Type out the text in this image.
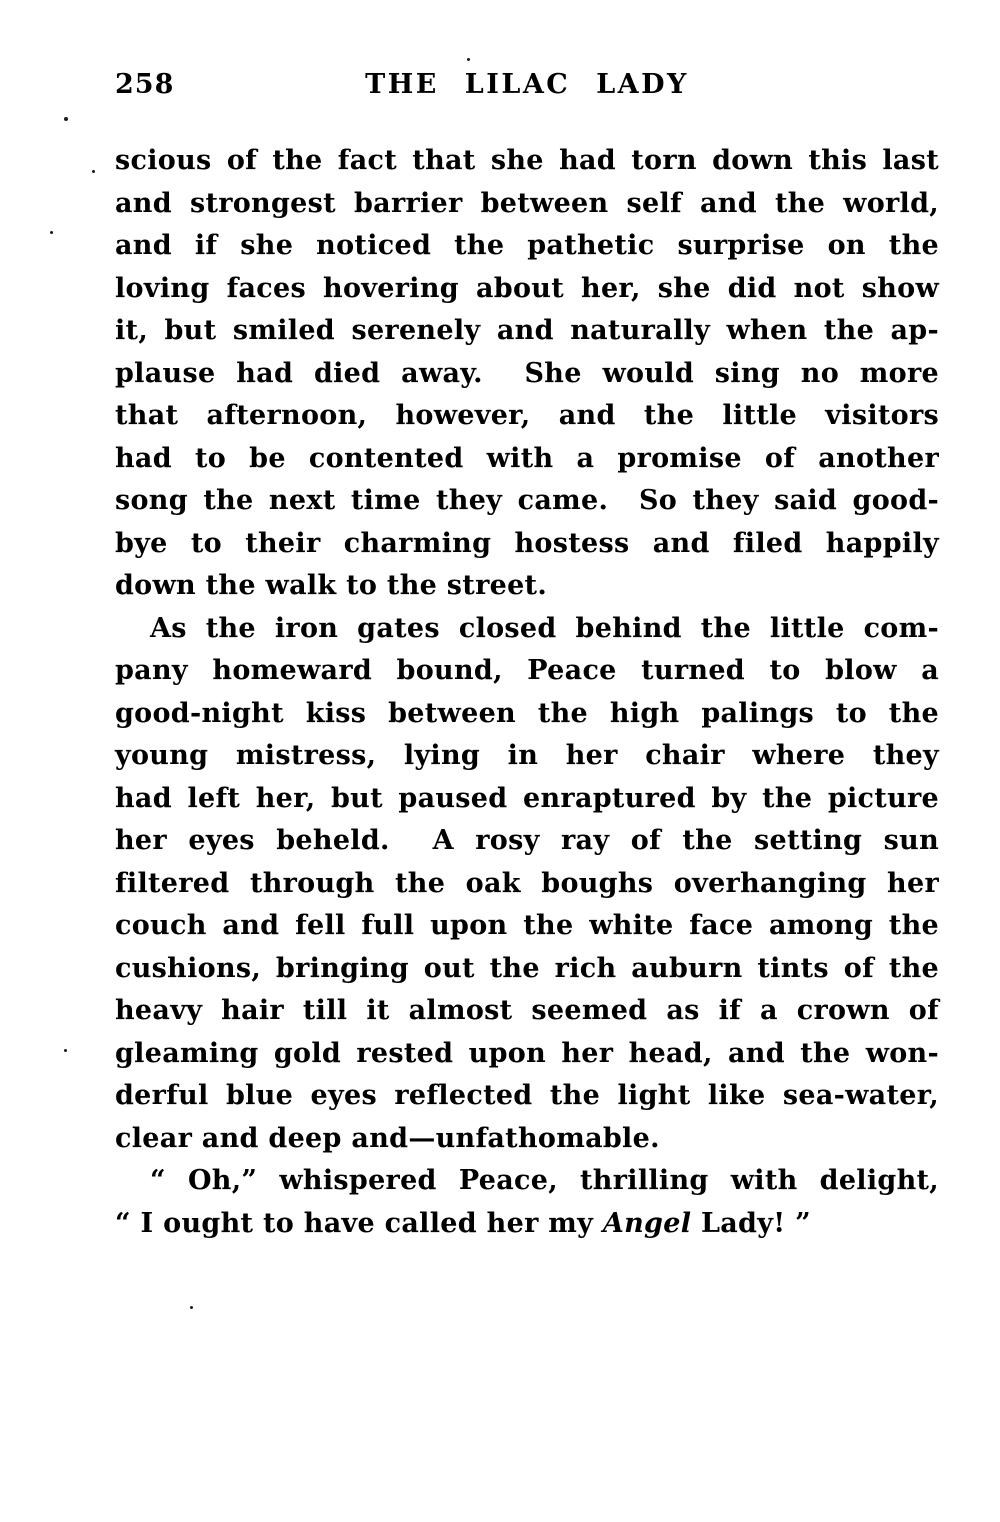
258	THE LILAC LADY
scious of the fact that she had torn down this last
and strongest barrier between self and the world,
and if she noticed the pathetic surprise on the
loving faces hovering about her, she did not show
it, but smiled serenely and naturally when the ap-
plause had died away.  She would sing no more
that afternoon, however, and the little visitors
had to be contented with a promise of another
song the next time they came.  So they said good-
bye to their charming hostess and filed happily
down the walk to the street.
As the iron gates closed behind the little com-
pany homeward bound, Peace turned to blow a
good-night kiss between the high palings to the
young mistress, lying in her chair where they
had left her, but paused enraptured by the picture
her eyes beheld.  A rosy ray of the setting sun
filtered through the oak boughs overhanging her
couch and fell full upon the white face among the
cushions, bringing out the rich auburn tints of the
heavy hair till it almost seemed as if a crown of
gleaming gold rested upon her head, and the won-
derful blue eyes reflected the light like sea-water,
clear and deep and—unfathomable.
“ Oh,” whispered Peace, thrilling with delight,
“ I ought to have called her my Angel Lady! ”
